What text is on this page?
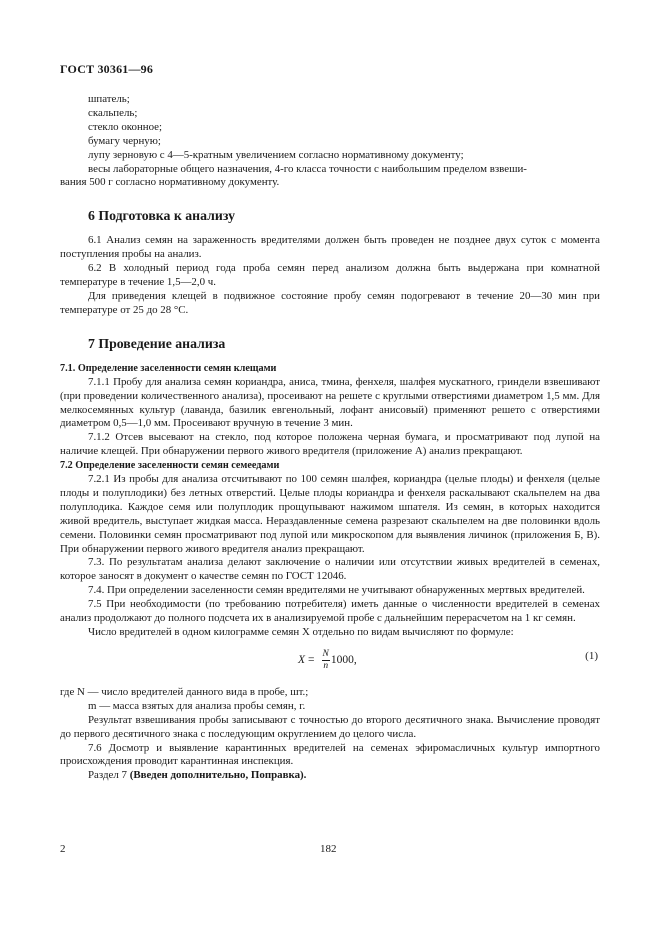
ГОСТ 30361—96

шпатель;

скальпель;

стекло оконное;

бумагу черную;

лупу зерновую с 4—5-кратным увеличением согласно нормативному документу;

весы лабораторные общего назначения, 4-го класса точности с наибольшим пределом взвеши-

вания 500 г согласно нормативному документу.

6 Подготовка к анализу

6.1 Анализ семян на зараженность вредителями должен быть проведен не позднее двух суток с момента поступления пробы на анализ.

6.2 В холодный период года проба семян перед анализом должна быть выдержана при комнатной температуре в течение 1,5—2,0 ч.

Для приведения клещей в подвижное состояние пробу семян подогревают в течение 20—30 мин при температуре от 25 до 28 °С.

7 Проведение анализа

7.1. Определение заселенности семян клещами

7.1.1 Пробу для анализа семян кориандра, аниса, тмина, фенхеля, шалфея мускатного, гриндели взвешивают (при проведении количественного анализа), просеивают на решете с круглыми отверстиями диаметром 1,5 мм. Для мелкосемянных культур (лаванда, базилик евгенольный, лофант анисовый) применяют решето с отверстиями диаметром 0,5—1,0 мм. Просеивают вручную в течение 3 мин.

7.1.2 Отсев высевают на стекло, под которое положена черная бумага, и просматривают под лупой на наличие клещей. При обнаружении первого живого вредителя (приложение А) анализ прекращают.

7.2 Определение заселенности семян семеедами

7.2.1 Из пробы для анализа отсчитывают по 100 семян шалфея, кориандра (целые плоды) и фенхеля (целые плоды и полуплодики) без летных отверстий. Целые плоды кориандра и фенхеля раскалывают скальпелем на два полуплодика. Каждое семя или полуплодик прощупывают нажимом шпателя. Из семян, в которых находится живой вредитель, выступает жидкая масса. Нераздавленные семена разрезают скальпелем на две половинки вдоль семени. Половинки семян просматривают под лупой или микроскопом для выявления личинок (приложения Б, В). При обнаружении первого живого вредителя анализ прекращают.

7.3. По результатам анализа делают заключение о наличии или отсутствии живых вредителей в семенах, которое заносят в документ о качестве семян по ГОСТ 12046.

7.4. При определении заселенности семян вредителями не учитывают обнаруженных мертвых вредителей.

7.5 При необходимости (по требованию потребителя) иметь данные о численности вредителей в семенах анализ продолжают до полного подсчета их в анализируемой пробе с дальнейшим перерасчетом на 1 кг семян.

Число вредителей в одном килограмме семян X отдельно по видам вычисляют по формуле:

$X = \frac{N}{n} 1000$,	(1)

где N — число вредителей данного вида в пробе, шт.;

m — масса взятых для анализа пробы семян, г.

Результат взвешивания пробы записывают с точностью до второго десятичного знака. Вычисление проводят до первого десятичного знака с последующим округлением до целого числа.

7.6 Досмотр и выявление карантинных вредителей на семенах эфиромасличных культур импортного происхождения проводит карантинная инспекция.

Раздел 7 (Введен дополнительно, Поправка).

2	182
